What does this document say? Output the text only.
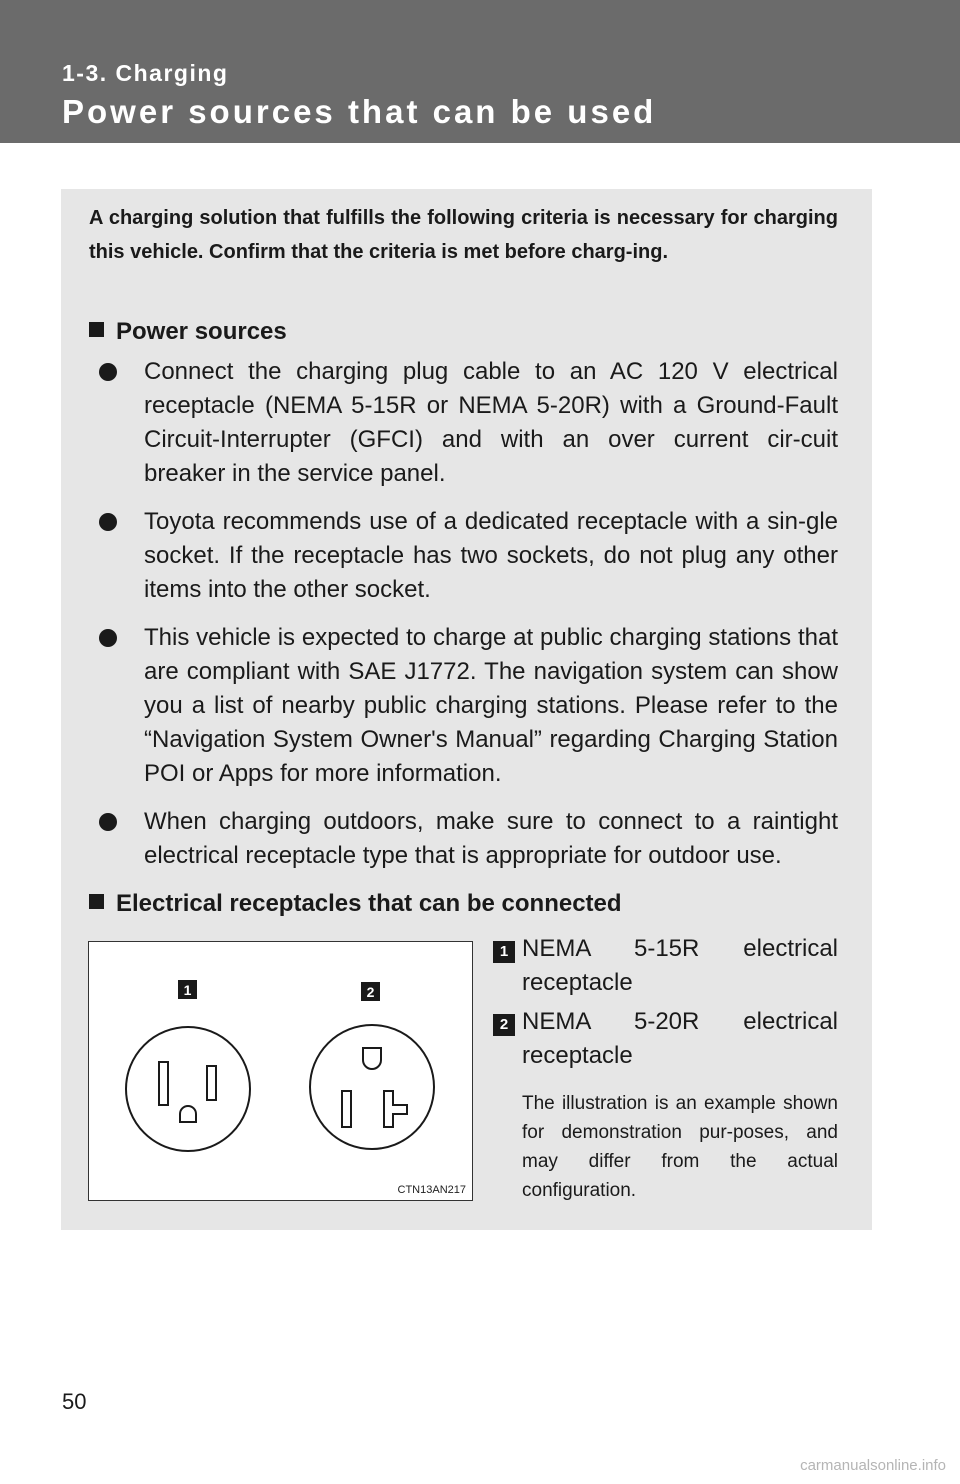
1-3. Charging
Power sources that can be used

A charging solution that fulfills the following criteria is necessary for charging this vehicle. Confirm that the criteria is met before charg-ing.

Power sources
Connect the charging plug cable to an AC 120 V electrical receptacle (NEMA 5-15R or NEMA 5-20R) with a Ground-Fault Circuit-Interrupter (GFCI) and with an over current cir-cuit breaker in the service panel.
Toyota recommends use of a dedicated receptacle with a sin-gle socket. If the receptacle has two sockets, do not plug any other items into the other socket.
This vehicle is expected to charge at public charging stations that are compliant with SAE J1772. The navigation system can show you a list of nearby public charging stations. Please refer to the “Navigation System Owner's Manual” regarding Charging Station POI or Apps for more information.
When charging outdoors, make sure to connect to a raintight electrical receptacle type that is appropriate for outdoor use.
Electrical receptacles that can be connected
1	2
CTN13AN217
1 NEMA 5-15R electrical receptacle
2 NEMA 5-20R electrical receptacle

The illustration is an example shown for demonstration pur-poses, and may differ from the actual configuration.

50
carmanualsonline.info
